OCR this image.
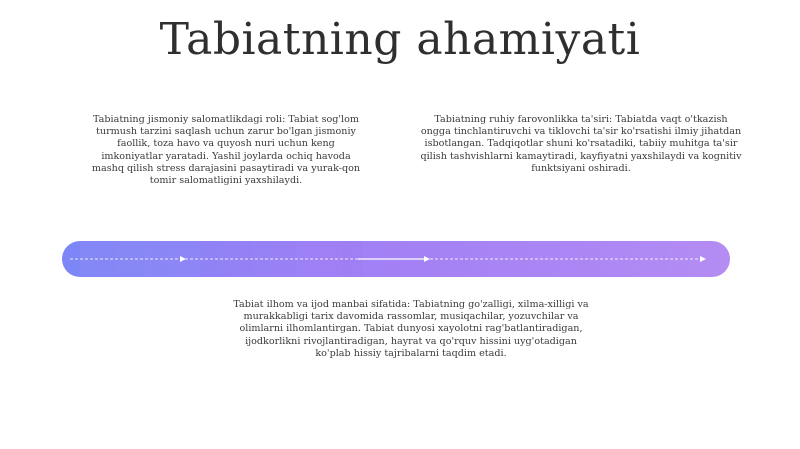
Tabiatning ahamiyati
Tabiatning jismoniy salomatlikdagi roli: Tabiat sog'lom turmush tarzini saqlash uchun zarur bo'lgan jismoniy faollik, toza havo va quyosh nuri uchun keng imkoniyatlar yaratadi. Yashil joylarda ochiq havoda mashq qilish stress darajasini pasaytiradi va yurak-qon tomir salomatligini yaxshilaydi.
Tabiatning ruhiy farovonlikka ta'siri: Tabiatda vaqt o'tkazish ongga tinchlantiruvchi va tiklovchi ta'sir ko'rsatishi ilmiy jihatdan isbotlangan. Tadqiqotlar shuni ko'rsatadiki, tabiiy muhitga ta'sir qilish tashvishlarni kamaytiradi, kayfiyatni yaxshilaydi va kognitiv funktsiyani oshiradi.
Tabiat ilhom va ijod manbai sifatida: Tabiatning go'zalligi, xilma-xilligi va murakkabligi tarix davomida rassomlar, musiqachilar, yozuvchilar va olimlarni ilhomlantirgan. Tabiat dunyosi xayolotni rag'batlantiradigan, ijodkorlikni rivojlantiradigan, hayrat va qo'rquv hissini uyg'otadigan ko'plab hissiy tajribalarni taqdim etadi.
